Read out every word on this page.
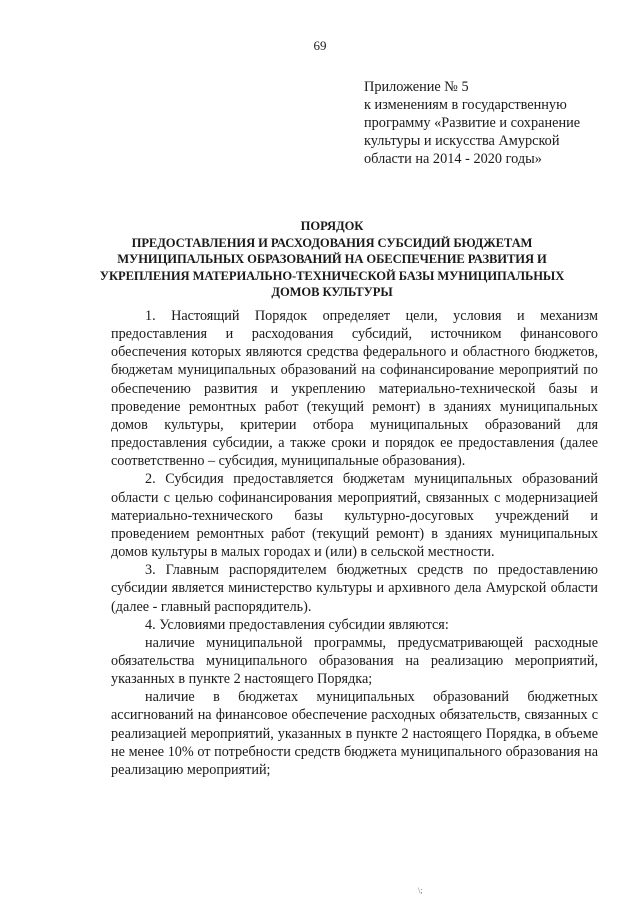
69
Приложение № 5
к изменениям в государственную
программу «Развитие и сохранение
культуры и искусства Амурской
области на 2014 - 2020 годы»
ПОРЯДОК
ПРЕДОСТАВЛЕНИЯ И РАСХОДОВАНИЯ СУБСИДИЙ БЮДЖЕТАМ
МУНИЦИПАЛЬНЫХ ОБРАЗОВАНИЙ НА ОБЕСПЕЧЕНИЕ РАЗВИТИЯ И
УКРЕПЛЕНИЯ МАТЕРИАЛЬНО-ТЕХНИЧЕСКОЙ БАЗЫ МУНИЦИПАЛЬНЫХ
ДОМОВ КУЛЬТУРЫ

1. Настоящий Порядок определяет цели, условия и механизм предоставления и расходования субсидий, источником финансового обеспечения которых являются средства федерального и областного бюджетов, бюджетам муниципальных образований на софинансирование мероприятий по обеспечению развития и укреплению материально-технической базы и проведение ремонтных работ (текущий ремонт) в зданиях муниципальных домов культуры, критерии отбора муниципальных образований для предоставления субсидии, а также сроки и порядок ее предоставления (далее соответственно – субсидия, муниципальные образования).

2. Субсидия предоставляется бюджетам муниципальных образований области с целью софинансирования мероприятий, связанных с модернизацией материально-технического базы культурно-досуговых учреждений и проведением ремонтных работ (текущий ремонт) в зданиях муниципальных домов культуры в малых городах и (или) в сельской местности.

3. Главным распорядителем бюджетных средств по предоставлению субсидии является министерство культуры и архивного дела Амурской области (далее - главный распорядитель).

4. Условиями предоставления субсидии являются:

наличие муниципальной программы, предусматривающей расходные обязательства муниципального образования на реализацию мероприятий, указанных в пункте 2 настоящего Порядка;

наличие в бюджетах муниципальных образований бюджетных ассигнований на финансовое обеспечение расходных обязательств, связанных с реализацией мероприятий, указанных в пункте 2 настоящего Порядка, в объеме не менее 10% от потребности средств бюджета муниципального образования на реализацию мероприятий;

\;
